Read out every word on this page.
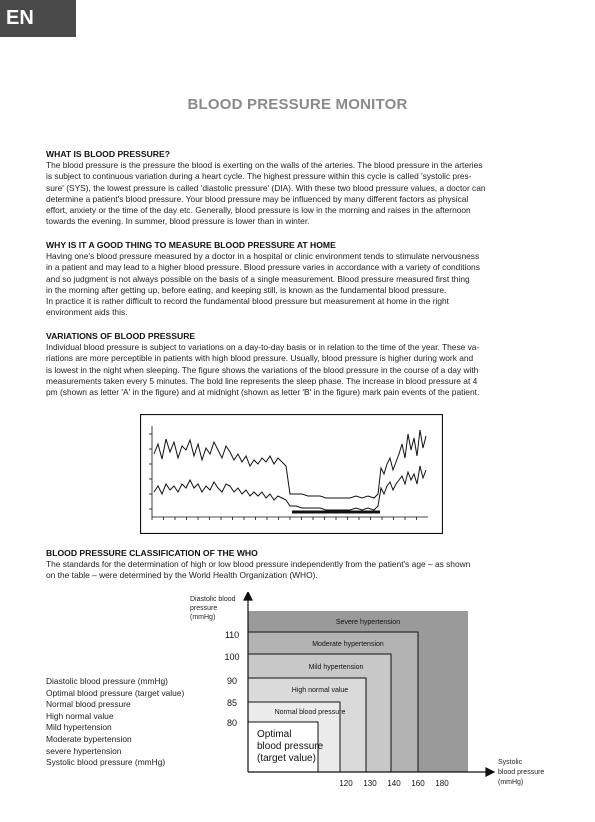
EN
BLOOD PRESSURE MONITOR
WHAT IS BLOOD PRESSURE?

The blood pressure is the pressure the blood is exerting on the walls of the arteries. The blood pressure in the arteries

is subject to continuous variation during a heart cycle. The highest pressure within this cycle is called 'systolic pres-

sure' (SYS), the lowest pressure is called 'diastolic pressure' (DIA). With these two blood pressure values, a doctor can

determine a patient's blood pressure. Your blood pressure may be influenced by many different factors as physical

effort, anxiety or the time of the day etc. Generally, blood pressure is low in the morning and raises in the afternoon

towards the evening. In summer, blood pressure is lower than in winter.

WHY IS IT A GOOD THING TO MEASURE BLOOD PRESSURE AT HOME

Having one's blood pressure measured by a doctor in a hospital or clinic environment tends to stimulate nervousness

in a patient and may lead to a higher blood pressure. Blood pressure varies in accordance with a variety of conditions

and so judgment is not always possible on the basis of a single measurement. Blood pressure measured first thing

in the morning after getting up, before eating, and keeping still, is known as the fundamental blood pressure.

In practice it is rather difficult to record the fundamental blood pressure but measurement at home in the right

environment aids this.

VARIATIONS OF BLOOD PRESSURE

Individual blood pressure is subject to variations on a day-to-day basis or in relation to the time of the year. These va-

riations are more perceptible in patients with high blood pressure. Usually, blood pressure is higher during work and

is lowest in the night when sleeping. The figure shows the variations of the blood pressure in the course of a day with

measurements taken every 5 minutes. The bold line represents the sleep phase. The increase in blood pressure at 4

pm (shown as letter 'A' in the figure) and at midnight (shown as letter 'B' in the figure) mark pain events of the patient.

BLOOD PRESSURE CLASSIFICATION OF THE WHO

The standards for the determination of high or low blood pressure independently from the patient's age – as shown

on the table – were determined by the World Health Organization (WHO).

Diastolic blood
pressure
(mmHg)
Severe hypertension
Moderate hypertension
Mild hypertension
High normal value
Normal blood pressure
Optimal
blood pressure
(target value)
110
100
90
85
80
120 130 140 160 180
Systolic
blood pressure
(mmHg)
Diastolic blood pressure (mmHg)
Optimal blood pressure (target value)
Normal blood pressure
High normal value
Mild hypertension
Moderate bypertension
severe hypertension
Systolic blood pressure (mmHg)
